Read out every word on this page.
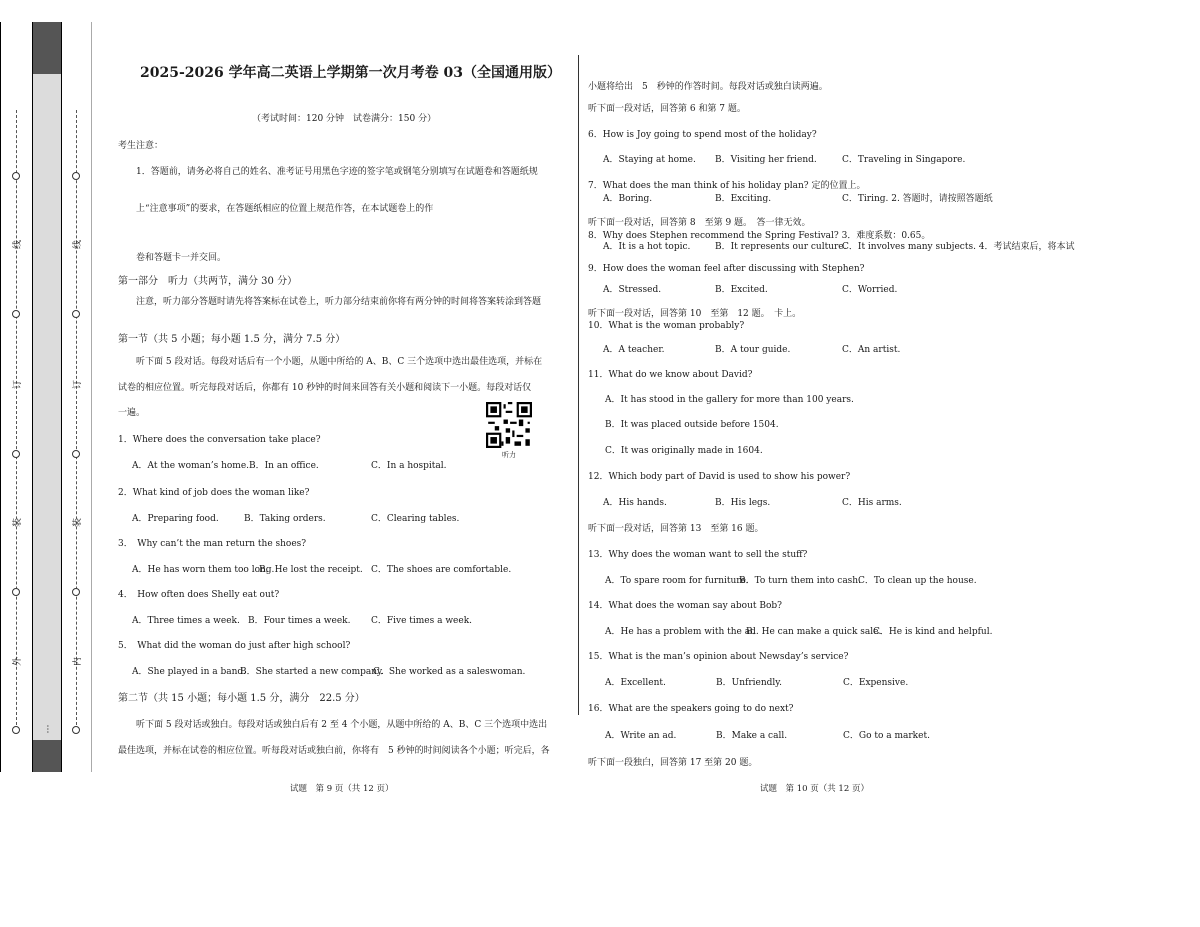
线
订
装
外
…
线
订
装
内
2025-2026 学年高二英语上学期第一次月考卷 03（全国通用版）
（考试时间：120 分钟　试卷满分：150 分）
考生注意：
1．答题前，请务必将自己的姓名、准考证号用黑色字迹的签字笔或钢笔分别填写在试题卷和答题纸规
上“注意事项”的要求，在答题纸相应的位置上规范作答，在本试题卷上的作
卷和答题卡一并交回。
第一部分　听力（共两节，满分 30 分）
注意，听力部分答题时请先将答案标在试卷上，听力部分结束前你将有两分钟的时间将答案转涂到答题
第一节（共 5 小题；每小题 1.5 分，满分 7.5 分）
听下面 5 段对话。每段对话后有一个小题，从题中所给的 A、B、C 三个选项中选出最佳选项，并标在
试卷的相应位置。听完每段对话后，你都有 10 秒钟的时间来回答有关小题和阅读下一小题。每段对话仅
一遍。
听力
1．Where does the conversation take place?
A．At the woman’s home. B．In an office.	C．In a hospital.
2．What kind of job does the woman like?
A．Preparing food.	B．Taking orders.	C．Clearing tables.
3．　Why can’t the man return the shoes?
A．He has worn them too long.
B．He lost the receipt. C．The shoes are comfortable.
4．　How often does Shelly eat out?
A．Three times a week. B．Four times a week. C．Five times a week.
5．　What did the woman do just after high school?
A．She played in a band.
B．She started a new company.
C．She worked as a saleswoman.
第二节（共 15 小题；每小题 1.5 分，满分　22.5 分）
听下面 5 段对话或独白。每段对话或独白后有 2 至 4 个小题，从题中所给的 A、B、C 三个选项中选出
最佳选项，并标在试卷的相应位置。听每段对话或独白前，你将有　5 秒钟的时间阅读各个小题；听完后，各
试题　第 9 页（共 12 页）
小题将给出　5　秒钟的作答时间。每段对话或独白读两遍。
听下面一段对话，回答第 6 和第 7 题。
6．How is Joy going to spend most of the holiday?
A．Staying at home. B．Visiting her friend.	C．Traveling in Singapore.
7．What does the man think of his holiday plan? 定的位置上。
A．Boring.	B．Exciting.	C．Tiring. 2. 答题时，请按照答题纸
听下面一段对话，回答第 8　至第 9 题。　答一律无效。
8．Why does Stephen recommend the Spring Festival? 3．难度系数：0.65。
A．It is a hot topic.	B．It represents our culture.
C．It involves many subjects. 4．考试结束后，将本试
9．How does the woman feel after discussing with Stephen?
A．Stressed.	B．Excited.	C．Worried.
听下面一段对话，回答第 10　至第　12 题。　卡上。
10．What is the woman probably?
A．A teacher.	B．A tour guide.	C．An artist.
11．What do we know about David?
A．It has stood in the gallery for more than 100 years.
B．It was placed outside before 1504.
C．It was originally made in 1604.
12．Which body part of David is used to show his power?
A．His hands.	B．His legs.	C．His arms.
听下面一段对话，回答第 13　至第 16 题。
13．Why does the woman want to sell the stuff?
A．To spare room for furniture.
B．To turn them into cash.
C．To clean up the house.
14．What does the woman say about Bob?
A．He has a problem with the ad.
B．He can make a quick sale.
C．He is kind and helpful.
15．What is the man’s opinion about Newsday’s service?
A．Excellent.	B．Unfriendly.	C．Expensive.
16．What are the speakers going to do next?
A．Write an ad.	B．Make a call.	C．Go to a market.
听下面一段独白，回答第 17 至第 20 题。
试题　第 10 页（共 12 页）
